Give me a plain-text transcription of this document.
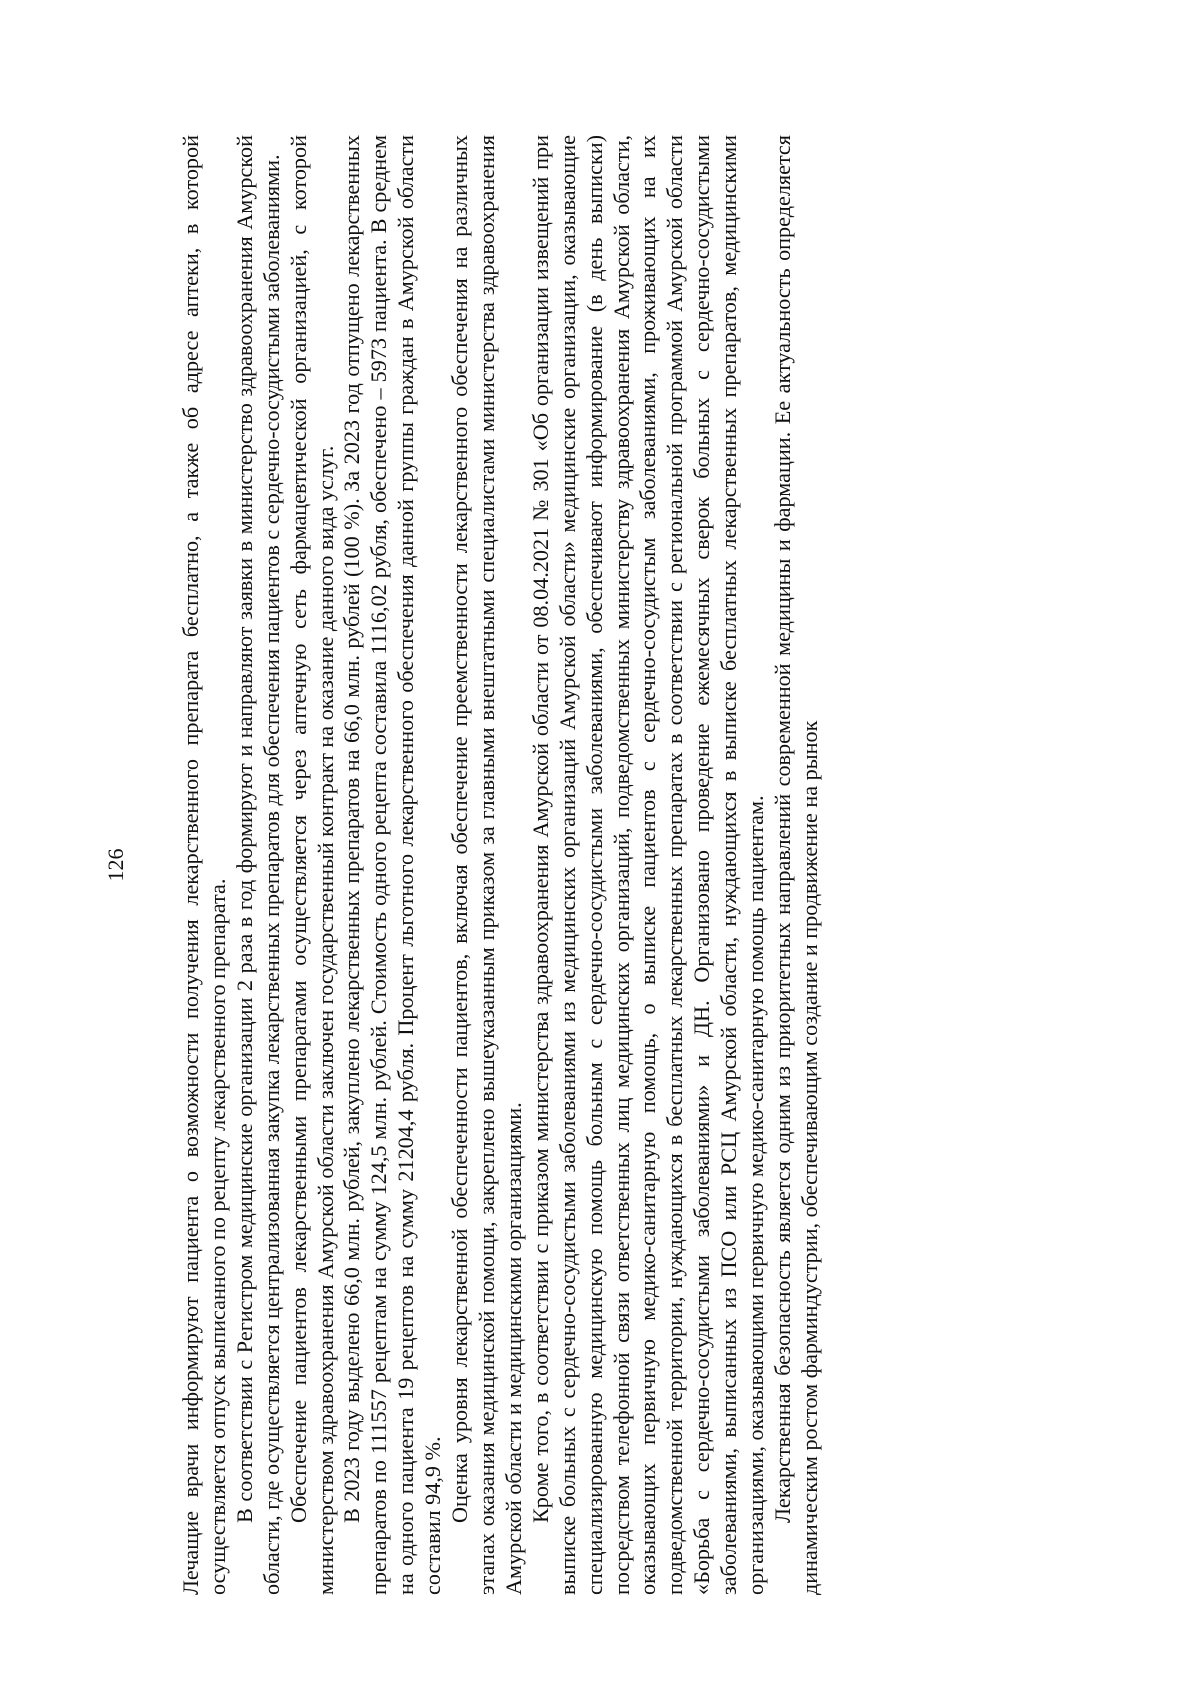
126 Лечащие врачи информируют пациента о возможности получения лекарственного препарата бесплатно, а также об адресе аптеки, в которой осуществляется отпуск выписанного по рецепту лекарственного препарата. В соответствии с Регистром медицинские организации 2 раза в год формируют и направляют заявки в министерство здравоохранения Амурской области, где осуществляется централизованная закупка лекарственных препаратов для обеспечения пациентов с сердечно-сосудистыми заболеваниями. Обеспечение пациентов лекарственными препаратами осуществляется через аптечную сеть фармацевтической организацией, с которой министерством здравоохранения Амурской области заключен государственный контракт на оказание данного вида услуг. В 2023 году выделено 66,0 млн. рублей, закуплено лекарственных препаратов на 66,0 млн. рублей (100 %). За 2023 год отпущено лекарственных препаратов по 111557 рецептам на сумму 124,5 млн. рублей. Стоимость одного рецепта составила 1116,02 рубля, обеспечено – 5973 пациента. В среднем на одного пациента 19 рецептов на сумму 21204,4 рубля. Процент льготного лекарственного обеспечения данной группы граждан в Амурской области составил 94,9 %. Оценка уровня лекарственной обеспеченности пациентов, включая обеспечение преемственности лекарственного обеспечения на различных этапах оказания медицинской помощи, закреплено вышеуказанным приказом за главными внештатными специалистами министерства здравоохранения Амурской области и медицинскими организациями. Кроме того, в соответствии с приказом министерства здравоохранения Амурской области от 08.04.2021 № 301 «Об организации извещений при выписке больных с сердечно-сосудистыми заболеваниями из медицинских организаций Амурской области» медицинские организации, оказывающие специализированную медицинскую помощь больным с сердечно-сосудистыми заболеваниями, обеспечивают информирование (в день выписки) посредством телефонной связи ответственных лиц медицинских организаций, подведомственных министерству здравоохранения Амурской области, оказывающих первичную медико-санитарную помощь, о выписке пациентов с сердечно-сосудистым заболеваниями, проживающих на их подведомственной территории, нуждающихся в бесплатных лекарственных препаратах в соответствии с региональной программой Амурской области «Борьба с сердечно-сосудистыми заболеваниями» и ДН. Организовано проведение ежемесячных сверок больных с сердечно-сосудистыми заболеваниями, выписанных из ПСО или РСЦ Амурской области, нуждающихся в выписке бесплатных лекарственных препаратов, медицинскими организациями, оказывающими первичную медико-санитарную помощь пациентам. Лекарственная безопасность является одним из приоритетных направлений современной медицины и фармации. Ее актуальность определяется динамическим ростом фарминдустрии, обеспечивающим создание и продвижение на рынок
